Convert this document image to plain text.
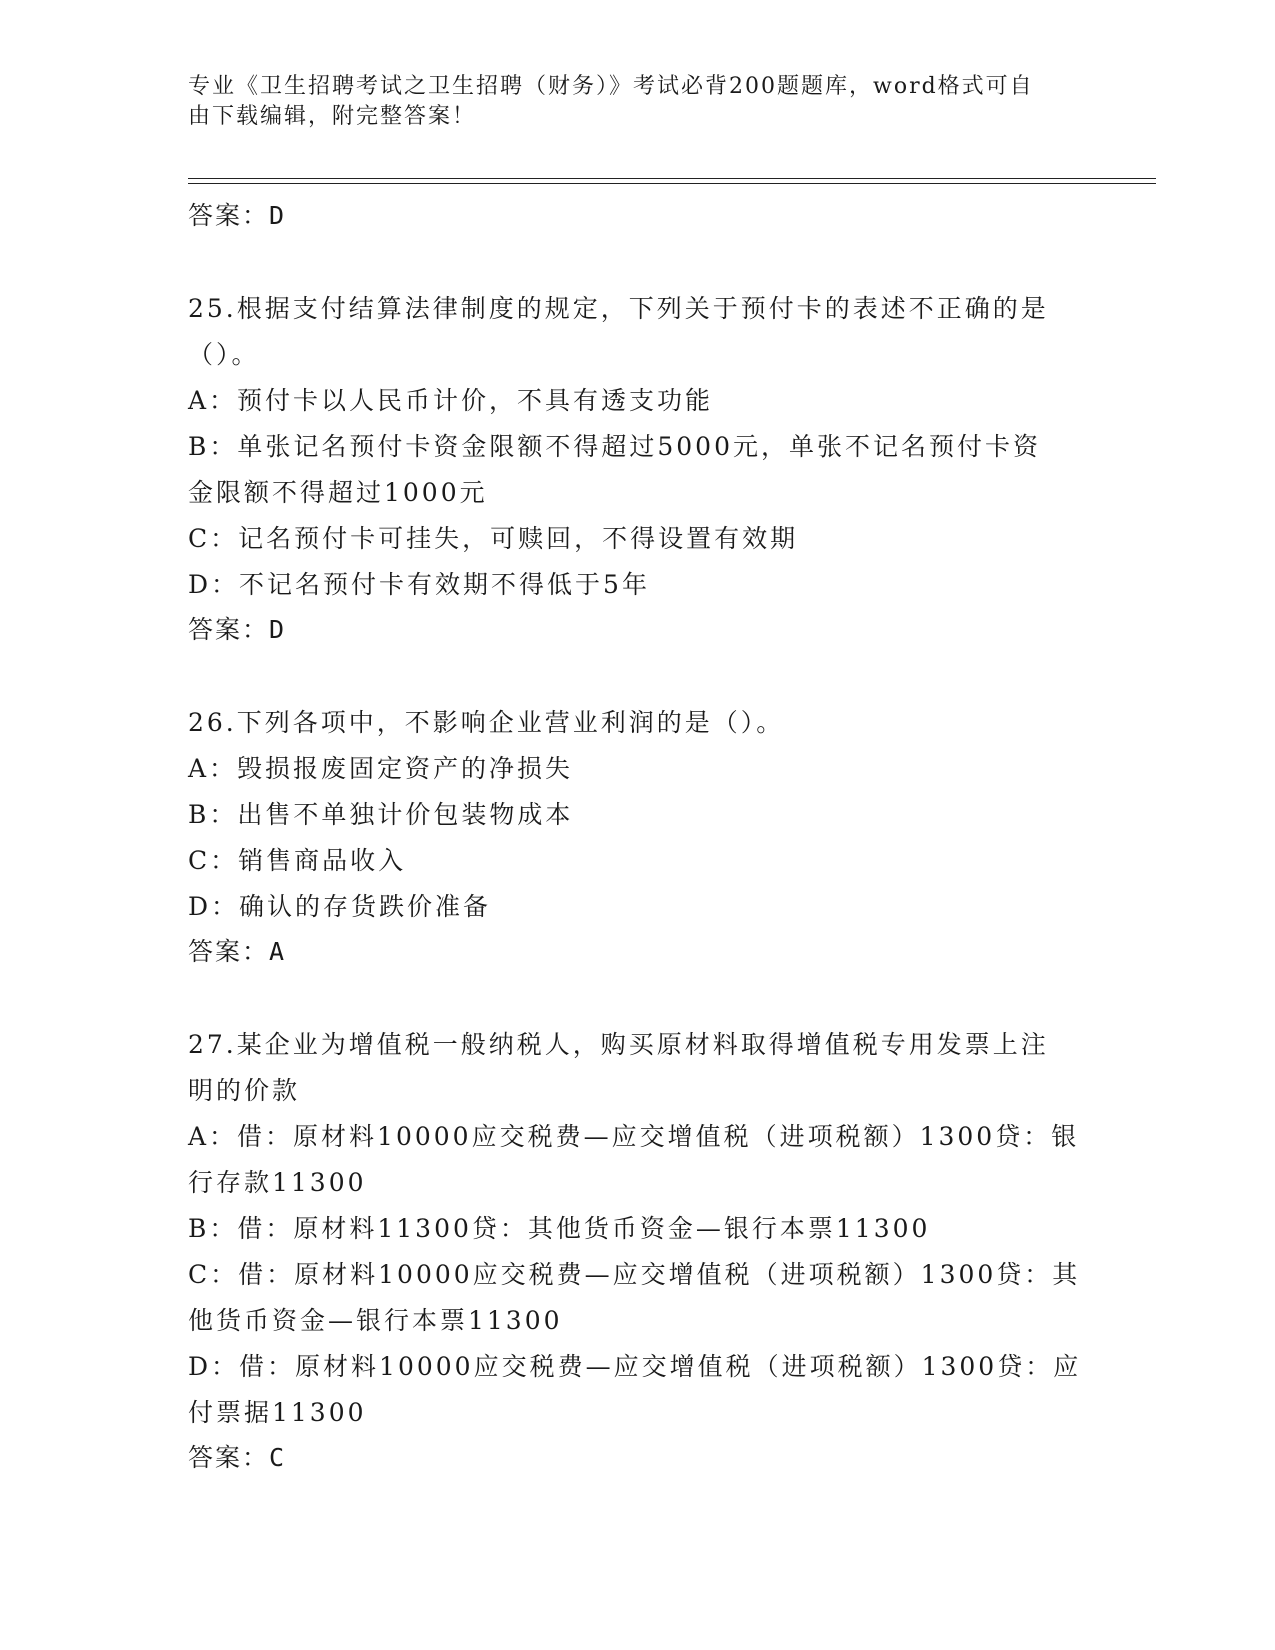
专业《卫生招聘考试之卫生招聘（财务）》考试必背200题题库，word格式可自
由下载编辑，附完整答案！
答案：D
25.根据支付结算法律制度的规定，下列关于预付卡的表述不正确的是
（）。
A：预付卡以人民币计价，不具有透支功能
B：单张记名预付卡资金限额不得超过5000元，单张不记名预付卡资
金限额不得超过1000元
C：记名预付卡可挂失，可赎回，不得设置有效期
D：不记名预付卡有效期不得低于5年
答案：D
26.下列各项中，不影响企业营业利润的是（）。
A：毁损报废固定资产的净损失
B：出售不单独计价包装物成本
C：销售商品收入
D：确认的存货跌价准备
答案：A
27.某企业为增值税一般纳税人，购买原材料取得增值税专用发票上注
明的价款
A：借：原材料10000应交税费—应交增值税（进项税额）1300贷：银
行存款11300
B：借：原材料11300贷：其他货币资金—银行本票11300
C：借：原材料10000应交税费—应交增值税（进项税额）1300贷：其
他货币资金—银行本票11300
D：借：原材料10000应交税费—应交增值税（进项税额）1300贷：应
付票据11300
答案：C
